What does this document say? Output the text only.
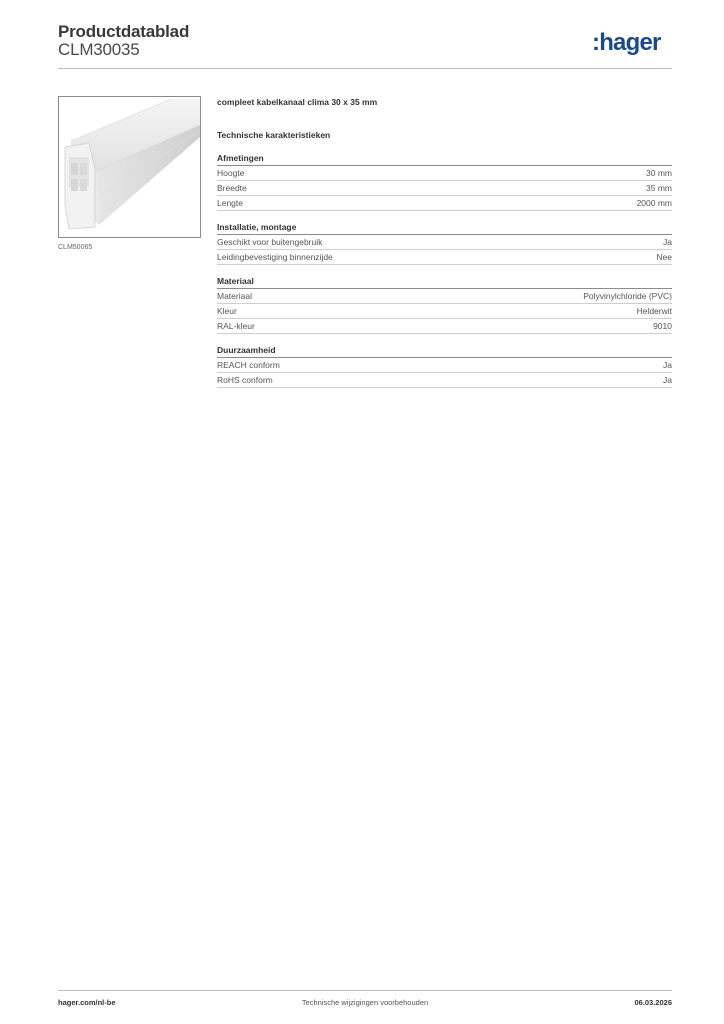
Productdatablad
CLM30035	:hager
CLM50065
compleet kabelkanaal clima 30 x 35 mm
Technische karakteristieken
Afmetingen
Hoogte	30 mm
Breedte	35 mm
Lengte	2000 mm
Installatie, montage
Geschikt voor buitengebruik	Ja
Leidingbevestiging binnenzijde	Nee
Materiaal
Materiaal	Polyvinylchloride (PVC)
Kleur	Helderwit
RAL-kleur	9010
Duurzaamheid
REACH conform	Ja
RoHS conform	Ja
hager.com/nl-be	Technische wijzigingen voorbehouden	06.03.2026
